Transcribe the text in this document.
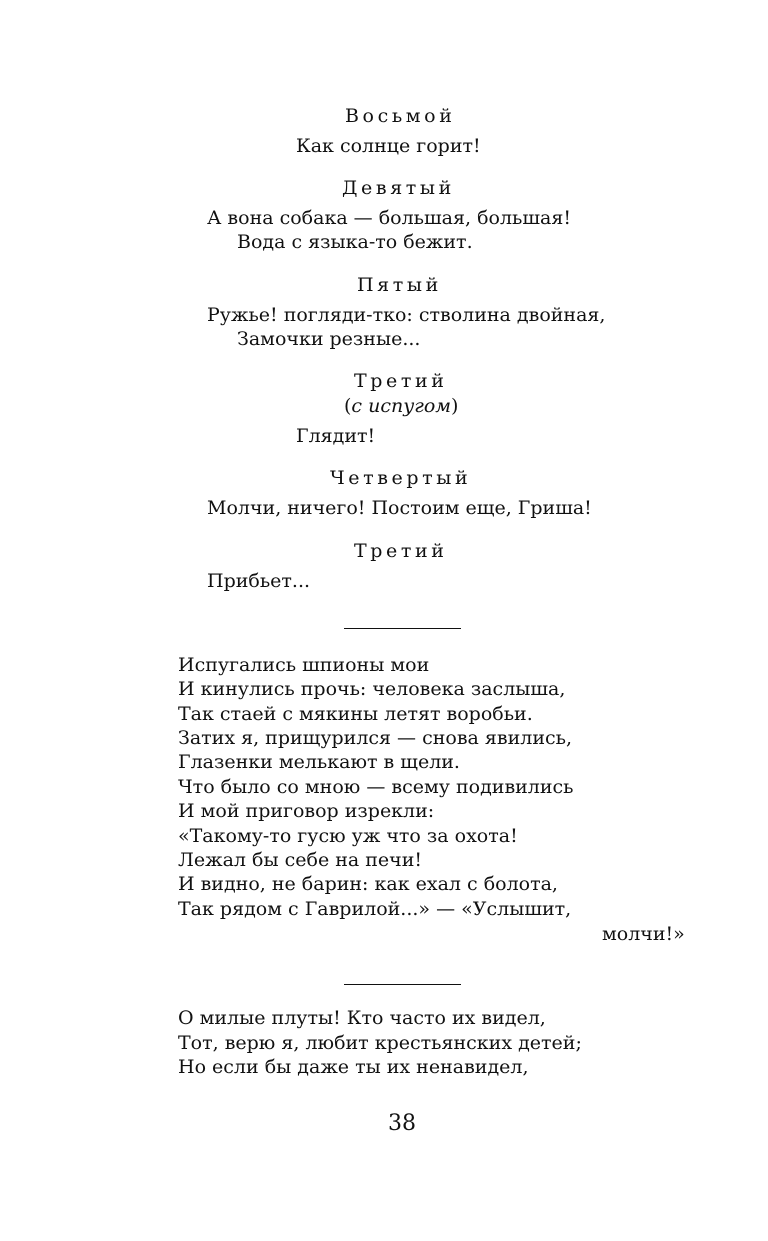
Восьмой
Как солнце горит!
Девятый
А вона собака — большая, большая!
Вода с языка-то бежит.
Пятый
Ружье! погляди-тко: стволина двойная,
Замочки резные...
Третий
(с испугом)
Глядит!
Четвертый
Молчи, ничего! Постоим еще, Гриша!
Третий
Прибьет...
Испугались шпионы мои
И кинулись прочь: человека заслыша,
Так стаей с мякины летят воробьи.
Затих я, прищурился — снова явились,
Глазенки мелькают в щели.
Что было со мною — всему подивились
И мой приговор изрекли:
«Такому-то гусю уж что за охота!
Лежал бы себе на печи!
И видно, не барин: как ехал с болота,
Так рядом с Гаврилой...» — «Услышит,
молчи!»
О милые плуты! Кто часто их видел,
Тот, верю я, любит крестьянских детей;
Но если бы даже ты их ненавидел,
38
